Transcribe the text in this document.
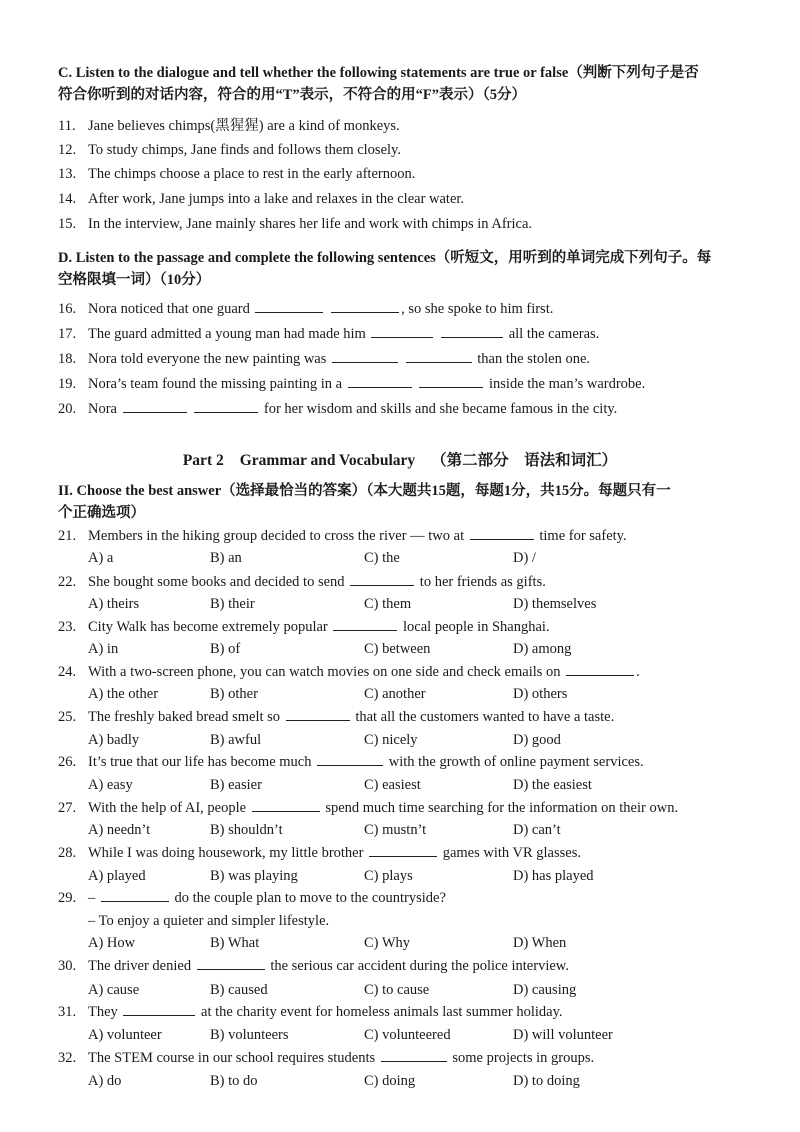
C. Listen to the dialogue and tell whether the following statements are true or false（判断下列句子是否
符合你听到的对话内容，符合的用“T”表示，不符合的用“F”表示）（5分）
11. Jane believes chimps(黑猩猩) are a kind of monkeys.
12. To study chimps, Jane finds and follows them closely.
13. The chimps choose a place to rest in the early afternoon.
14. After work, Jane jumps into a lake and relaxes in the clear water.
15. In the interview, Jane mainly shares her life and work with chimps in Africa.
D. Listen to the passage and complete the following sentences（听短文，用听到的单词完成下列句子。每
空格限填一词）（10分）
16. Nora noticed that one guard	, so she spoke to him first.
17. The guard admitted a young man had made him	all the cameras.
18. Nora told everyone the new painting was	than the stolen one.
19. Nora’s team found the missing painting in a	inside the man’s wardrobe.
20. Nora	for her wisdom and skills and she became famous in the city.
Part 2 Grammar and Vocabulary （第二部分　语法和词汇）
II. Choose the best answer（选择最恰当的答案）（本大题共15题，每题1分，共15分。每题只有一
个正确选项）
21. Members in the hiking group decided to cross the river — two at	time for safety.
A) a	B) an	C) the	D) /
22. She bought some books and decided to send	to her friends as gifts.
A) theirs	B) their	C) them	D) themselves
23. City Walk has become extremely popular	local people in Shanghai.
A) in	B) of	C) between	D) among
24. With a two-screen phone, you can watch movies on one side and check emails on	.
A) the other	B) other	C) another	D) others
25. The freshly baked bread smelt so	that all the customers wanted to have a taste.
A) badly	B) awful	C) nicely	D) good
26. It’s true that our life has become much	with the growth of online payment services.
A) easy	B) easier	C) easiest	D) the easiest
27. With the help of AI, people	spend much time searching for the information on their own.
A) needn’t	B) shouldn’t	C) mustn’t	D) can’t
28. While I was doing housework, my little brother	games with VR glasses.
A) played	B) was playing	C) plays	D) has played
29. –	do the couple plan to move to the countryside?
– To enjoy a quieter and simpler lifestyle.
A) How	B) What	C) Why	D) When
30. The driver denied	the serious car accident during the police interview.
A) cause	B) caused	C) to cause	D) causing
31. They	at the charity event for homeless animals last summer holiday.
A) volunteer	B) volunteers	C) volunteered	D) will volunteer
32. The STEM course in our school requires students	some projects in groups.
A) do	B) to do	C) doing	D) to doing
